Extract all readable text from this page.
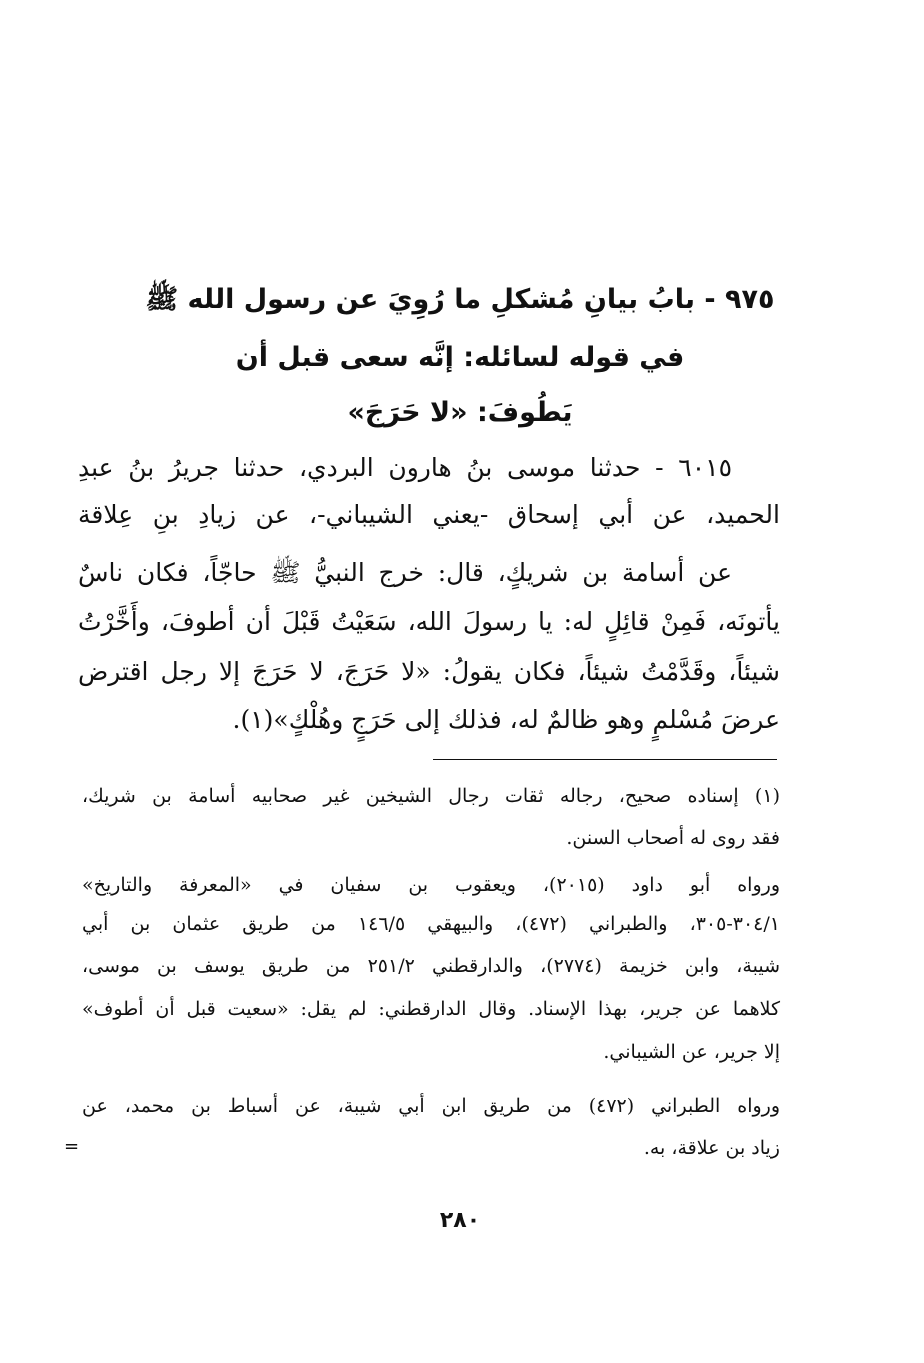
٩٧٥ - بابُ بيانِ مُشكلِ ما رُوِيَ عن رسول الله ﷺ
في قوله لسائله: إنَّه سعى قبل أن
يَطُوفَ: «لا حَرَجَ»
٦٠١٥ - حدثنا موسى بنُ هارون البردي، حدثنا جريرُ بنُ عبدِ
الحميد، عن أبي إسحاق -يعني الشيباني-، عن زيادِ بنِ عِلاقة
عن أسامة بن شريكٍ، قال: خرج النبيُّ ﷺ حاجّاً، فكان ناسٌ
يأتونَه، فَمِنْ قائِلٍ له: يا رسولَ الله، سَعَيْتُ قَبْلَ أن أطوفَ، وأَخَّرْتُ
شيئاً، وقَدَّمْتُ شيئاً، فكان يقولُ: «لا حَرَجَ، لا حَرَجَ إلا رجل اقترض
عرضَ مُسْلمٍ وهو ظالمٌ له، فذلك إلى حَرَجٍ وهُلْكٍ»(١).
(١) إسناده صحيح، رجاله ثقات رجال الشيخين غير صحابيه أسامة بن شريك،
فقد روى له أصحاب السنن.
ورواه أبو داود (٢٠١٥)، ويعقوب بن سفيان في «المعرفة والتاريخ»
٣٠٤/١-٣٠٥، والطبراني (٤٧٢)، والبيهقي ١٤٦/٥ من طريق عثمان بن أبي
شيبة، وابن خزيمة (٢٧٧٤)، والدارقطني ٢٥١/٢ من طريق يوسف بن موسى،
كلاهما عن جرير، بهذا الإسناد. وقال الدارقطني: لم يقل: «سعيت قبل أن أطوف»
إلا جرير، عن الشيباني.
ورواه الطبراني (٤٧٢) من طريق ابن أبي شيبة، عن أسباط بن محمد، عن
زياد بن علاقة، به.
=
٢٨٠
